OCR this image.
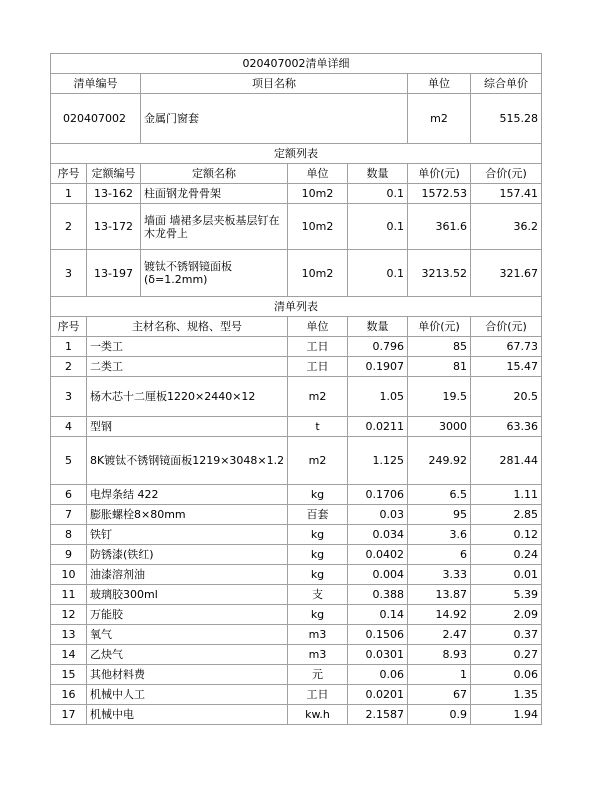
020407002清单详细						
清单编号		项目名称			单位	综合单价
020407002		金属门窗套			m2	515.28
定额列表						
序号	定额编号	定额名称	单位	数量	单价(元)	合价(元)
1	13-162	柱面钢龙骨骨架	10m2	0.1	1572.53	157.41
2	13-172	墙面 墙裙多层夹板基层钉在木龙骨上	10m2	0.1	361.6	36.2
3	13-197	镀钛不锈钢镜面板(δ=1.2mm)	10m2	0.1	3213.52	321.67
清单列表						
序号	主材名称、规格、型号		单位	数量	单价(元)	合价(元)
1	一类工		工日	0.796	85	67.73
2	二类工		工日	0.1907	81	15.47
3	杨木芯十二厘板1220×2440×12		m2	1.05	19.5	20.5
4	型钢		t	0.0211	3000	63.36
5	8K镀钛不锈钢镜面板1219×3048×1.2		m2	1.125	249.92	281.44
6	电焊条结 422		kg	0.1706	6.5	1.11
7	膨胀螺栓8×80mm		百套	0.03	95	2.85
8	铁钉		kg	0.034	3.6	0.12
9	防锈漆(铁红)		kg	0.0402	6	0.24
10	油漆溶剂油		kg	0.004	3.33	0.01
11	玻璃胶300ml		支	0.388	13.87	5.39
12	万能胶		kg	0.14	14.92	2.09
13	氧气		m3	0.1506	2.47	0.37
14	乙炔气		m3	0.0301	8.93	0.27
15	其他材料费		元	0.06	1	0.06
16	机械中人工		工日	0.0201	67	1.35
17	机械中电		kw.h	2.1587	0.9	1.94
